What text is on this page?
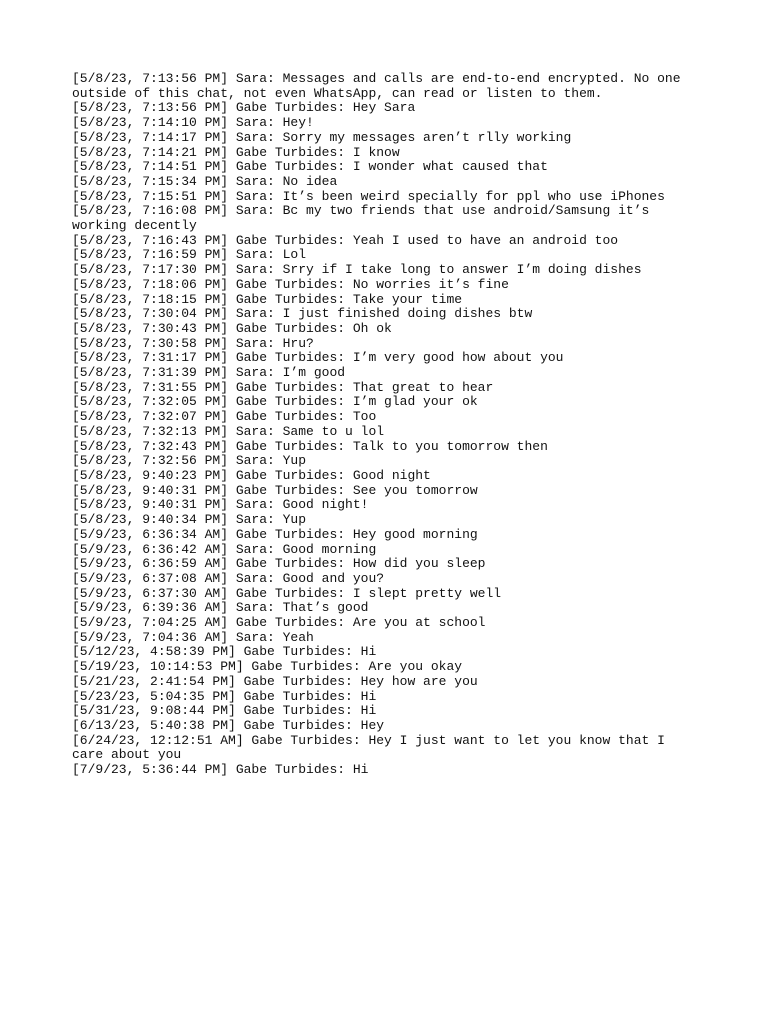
[5/8/23, 7:13:56 PM] Sara: Messages and calls are end-to-end encrypted. No one outside of this chat, not even WhatsApp, can read or listen to them.

[5/8/23, 7:13:56 PM] Gabe Turbides: Hey Sara

[5/8/23, 7:14:10 PM] Sara: Hey!

[5/8/23, 7:14:17 PM] Sara: Sorry my messages aren’t rlly working

[5/8/23, 7:14:21 PM] Gabe Turbides: I know

[5/8/23, 7:14:51 PM] Gabe Turbides: I wonder what caused that

[5/8/23, 7:15:34 PM] Sara: No idea

[5/8/23, 7:15:51 PM] Sara: It’s been weird specially for ppl who use iPhones

[5/8/23, 7:16:08 PM] Sara: Bc my two friends that use android/Samsung it’s working decently

[5/8/23, 7:16:43 PM] Gabe Turbides: Yeah I used to have an android too

[5/8/23, 7:16:59 PM] Sara: Lol

[5/8/23, 7:17:30 PM] Sara: Srry if I take long to answer I’m doing dishes

[5/8/23, 7:18:06 PM] Gabe Turbides: No worries it’s fine

[5/8/23, 7:18:15 PM] Gabe Turbides: Take your time

[5/8/23, 7:30:04 PM] Sara: I just finished doing dishes btw

[5/8/23, 7:30:43 PM] Gabe Turbides: Oh ok

[5/8/23, 7:30:58 PM] Sara: Hru?

[5/8/23, 7:31:17 PM] Gabe Turbides: I’m very good how about you

[5/8/23, 7:31:39 PM] Sara: I’m good

[5/8/23, 7:31:55 PM] Gabe Turbides: That great to hear

[5/8/23, 7:32:05 PM] Gabe Turbides: I’m glad your ok

[5/8/23, 7:32:07 PM] Gabe Turbides: Too

[5/8/23, 7:32:13 PM] Sara: Same to u lol

[5/8/23, 7:32:43 PM] Gabe Turbides: Talk to you tomorrow then

[5/8/23, 7:32:56 PM] Sara: Yup

[5/8/23, 9:40:23 PM] Gabe Turbides: Good night

[5/8/23, 9:40:31 PM] Gabe Turbides: See you tomorrow

[5/8/23, 9:40:31 PM] Sara: Good night!

[5/8/23, 9:40:34 PM] Sara: Yup

[5/9/23, 6:36:34 AM] Gabe Turbides: Hey good morning

[5/9/23, 6:36:42 AM] Sara: Good morning

[5/9/23, 6:36:59 AM] Gabe Turbides: How did you sleep

[5/9/23, 6:37:08 AM] Sara: Good and you?

[5/9/23, 6:37:30 AM] Gabe Turbides: I slept pretty well

[5/9/23, 6:39:36 AM] Sara: That’s good

[5/9/23, 7:04:25 AM] Gabe Turbides: Are you at school

[5/9/23, 7:04:36 AM] Sara: Yeah

[5/12/23, 4:58:39 PM] Gabe Turbides: Hi

[5/19/23, 10:14:53 PM] Gabe Turbides: Are you okay

[5/21/23, 2:41:54 PM] Gabe Turbides: Hey how are you

[5/23/23, 5:04:35 PM] Gabe Turbides: Hi

[5/31/23, 9:08:44 PM] Gabe Turbides: Hi

[6/13/23, 5:40:38 PM] Gabe Turbides: Hey

[6/24/23, 12:12:51 AM] Gabe Turbides: Hey I just want to let you know that I care about you

[7/9/23, 5:36:44 PM] Gabe Turbides: Hi
